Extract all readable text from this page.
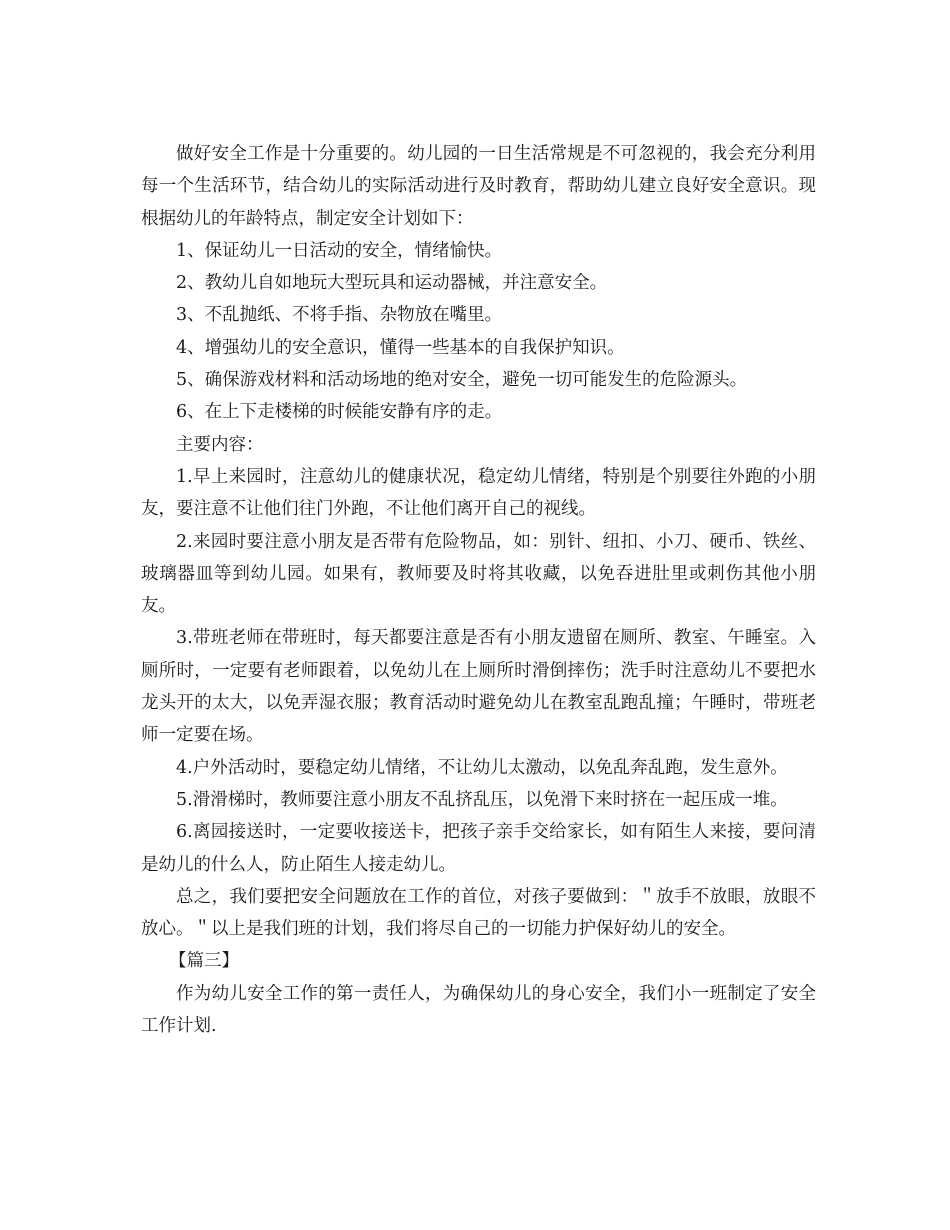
做好安全工作是十分重要的。幼儿园的一日生活常规是不可忽视的，我会充分利用每一个生活环节，结合幼儿的实际活动进行及时教育，帮助幼儿建立良好安全意识。现根据幼儿的年龄特点，制定安全计划如下：

1、保证幼儿一日活动的安全，情绪愉快。

2、教幼儿自如地玩大型玩具和运动器械，并注意安全。

3、不乱抛纸、不将手指、杂物放在嘴里。

4、增强幼儿的安全意识，懂得一些基本的自我保护知识。

5、确保游戏材料和活动场地的绝对安全，避免一切可能发生的危险源头。

6、在上下走楼梯的时候能安静有序的走。

主要内容：

1.早上来园时，注意幼儿的健康状况，稳定幼儿情绪，特别是个别要往外跑的小朋友，要注意不让他们往门外跑，不让他们离开自己的视线。

2.来园时要注意小朋友是否带有危险物品，如：别针、纽扣、小刀、硬币、铁丝、玻璃器皿等到幼儿园。如果有，教师要及时将其收藏，以免吞进肚里或刺伤其他小朋友。

3.带班老师在带班时，每天都要注意是否有小朋友遗留在厕所、教室、午睡室。入厕所时，一定要有老师跟着，以免幼儿在上厕所时滑倒摔伤；洗手时注意幼儿不要把水龙头开的太大，以免弄湿衣服；教育活动时避免幼儿在教室乱跑乱撞；午睡时，带班老师一定要在场。

4.户外活动时，要稳定幼儿情绪，不让幼儿太激动，以免乱奔乱跑，发生意外。

5.滑滑梯时，教师要注意小朋友不乱挤乱压，以免滑下来时挤在一起压成一堆。

6.离园接送时，一定要收接送卡，把孩子亲手交给家长，如有陌生人来接，要问清是幼儿的什么人，防止陌生人接走幼儿。

总之，我们要把安全问题放在工作的首位，对孩子要做到：＂放手不放眼，放眼不放心。＂以上是我们班的计划，我们将尽自己的一切能力护保好幼儿的安全。

【篇三】

作为幼儿安全工作的第一责任人，为确保幼儿的身心安全，我们小一班制定了安全工作计划.
